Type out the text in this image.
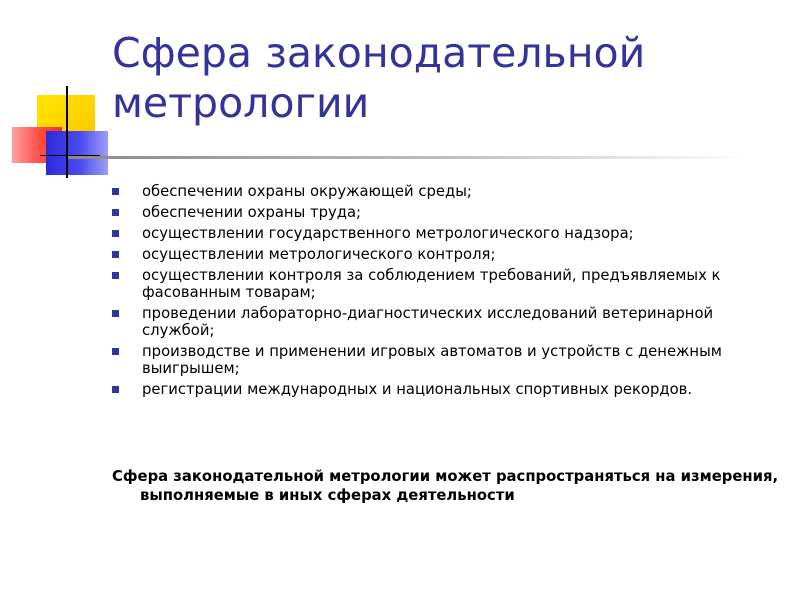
Сфера законодательной метрологии
обеспечении охраны окружающей среды;
обеспечении охраны труда;
осуществлении государственного метрологического надзора;
осуществлении метрологического контроля;
осуществлении контроля за соблюдением требований, предъявляемых к фасованным товарам;
проведении лабораторно-диагностических исследований ветеринарной службой;
производстве и применении игровых автоматов и устройств с денежным выигрышем;
регистрации международных и национальных спортивных рекордов.

Сфера законодательной метрологии может распространяться на измерения, выполняемые в иных сферах деятельности
